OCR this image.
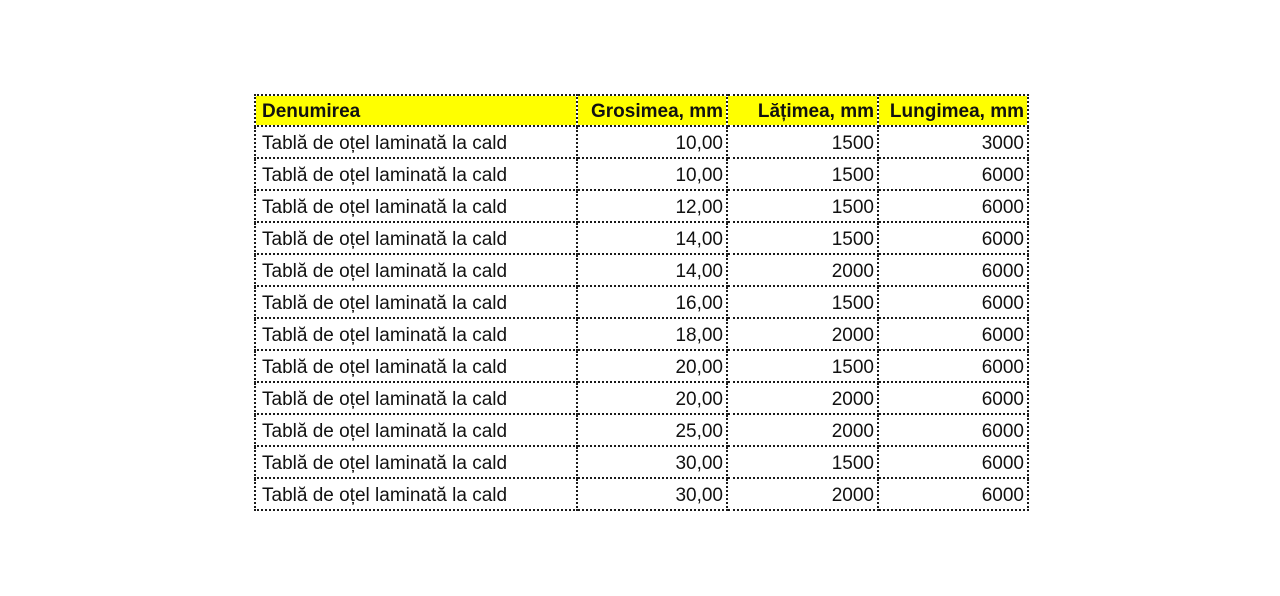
Denumirea	Grosimea, mm	Lățimea, mm	Lungimea, mm
Tablă de oțel laminată la cald	10,00	1500	3000
Tablă de oțel laminată la cald	10,00	1500	6000
Tablă de oțel laminată la cald	12,00	1500	6000
Tablă de oțel laminată la cald	14,00	1500	6000
Tablă de oțel laminată la cald	14,00	2000	6000
Tablă de oțel laminată la cald	16,00	1500	6000
Tablă de oțel laminată la cald	18,00	2000	6000
Tablă de oțel laminată la cald	20,00	1500	6000
Tablă de oțel laminată la cald	20,00	2000	6000
Tablă de oțel laminată la cald	25,00	2000	6000
Tablă de oțel laminată la cald	30,00	1500	6000
Tablă de oțel laminată la cald	30,00	2000	6000
